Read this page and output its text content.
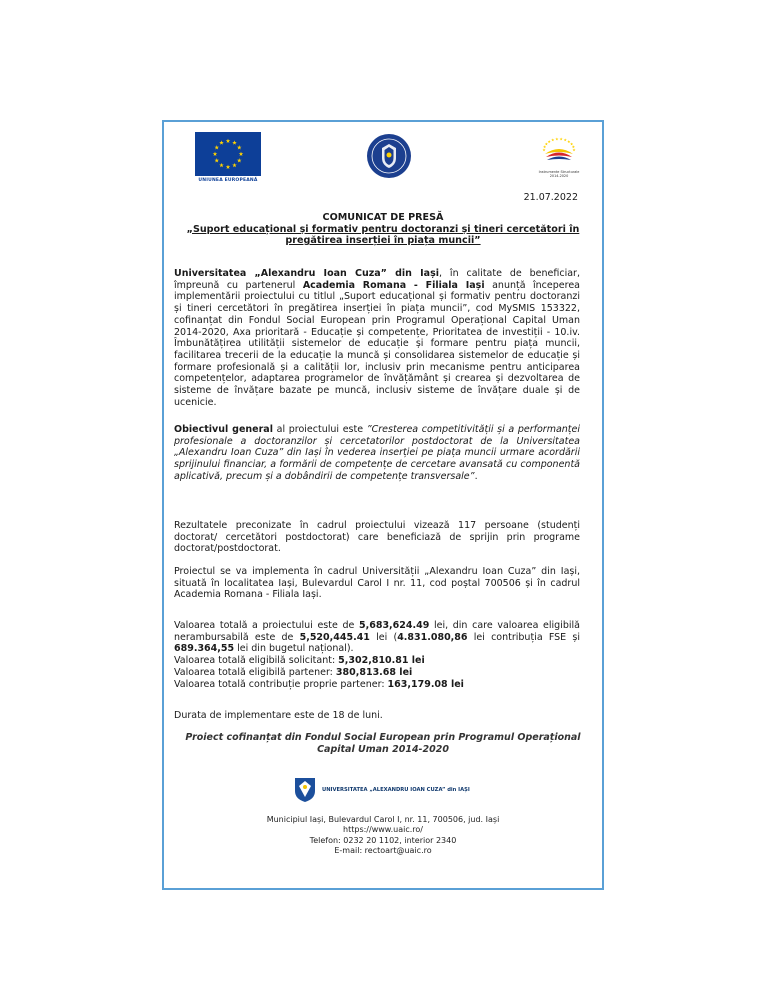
UNIUNEA EUROPEANĂ
Instrumente Structurale
2014-2020
21.07.2022
COMUNICAT DE PRESĂ
„Suport educațional și formativ pentru doctoranzi și tineri cercetători în
pregătirea inserției în piața muncii”
Universitatea „Alexandru Ioan Cuza” din Iași, în calitate de beneficiar, împreună cu partenerul Academia Romana - Filiala Iași anunță începerea implementării proiectului cu titlul „Suport educațional și formativ pentru doctoranzi și tineri cercetători în pregătirea inserției în piața muncii”, cod MySMIS 153322, cofinanțat din Fondul Social European prin Programul Operațional Capital Uman 2014-2020, Axa prioritară - Educație și competențe, Prioritatea de investiții - 10.iv. Îmbunătățirea utilității sistemelor de educație și formare pentru piața muncii, facilitarea trecerii de la educație la muncă și consolidarea sistemelor de educație și formare profesională și a calității lor, inclusiv prin mecanisme pentru anticiparea competențelor, adaptarea programelor de învățământ și crearea și dezvoltarea de sisteme de învățare bazate pe muncă, inclusiv sisteme de învățare duale și de ucenicie.
Obiectivul general al proiectului este ”Cresterea competitivității și a performanței profesionale a doctoranzilor și cercetatorilor postdoctorat de la Universitatea „Alexandru Ioan Cuza” din Iași în vederea inserției pe piața muncii urmare acordării sprijinului financiar, a formării de competențe de cercetare avansată cu componentă aplicativă, precum și a dobândirii de competențe transversale”.
Rezultatele preconizate în cadrul proiectului vizează 117 persoane (studenți doctorat/ cercetători postdoctorat) care beneficiază de sprijin prin programe doctorat/postdoctorat.
Proiectul se va implementa în cadrul Universității „Alexandru Ioan Cuza” din Iași, situată în localitatea Iași, Bulevardul Carol I nr. 11, cod poștal 700506 și în cadrul Academia Romana - Filiala Iași.
Valoarea totală a proiectului este de 5,683,624.49 lei, din care valoarea eligibilă nerambursabilă este de 5,520,445.41 lei (4.831.080,86 lei contribuția FSE și 689.364,55 lei din bugetul național).
Valoarea totală eligibilă solicitant: 5,302,810.81 lei
Valoarea totală eligibilă partener: 380,813.68 lei
Valoarea totală contribuție proprie partener: 163,179.08 lei
Durata de implementare este de 18 de luni.
Proiect cofinanțat din Fondul Social European prin Programul Operațional
Capital Uman 2014-2020
UNIVERSITATEA „ALEXANDRU IOAN CUZA” din IAȘI
Municipiul Iași, Bulevardul Carol I, nr. 11, 700506, jud. Iași
https://www.uaic.ro/
Telefon: 0232 20 1102, interior 2340
E-mail: rectoart@uaic.ro
